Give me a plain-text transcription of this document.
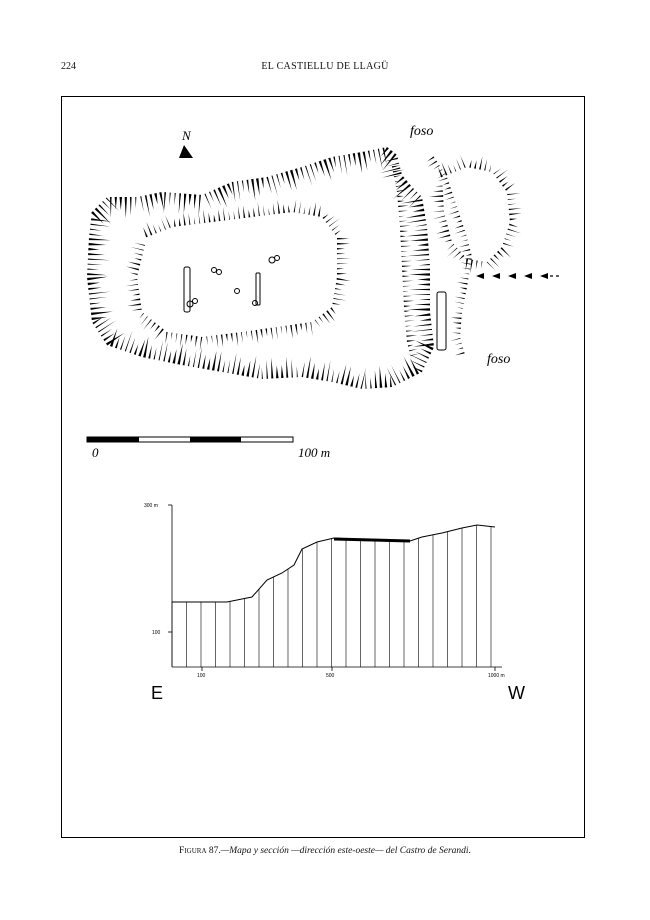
224	EL CASTIELLU DE LLAGÜ
N	foso
foso
0	100 m
300 m
100
100	500	1000 m
E	W
Figura 87.—Mapa y sección —dirección este-oeste— del Castro de Serandi.
